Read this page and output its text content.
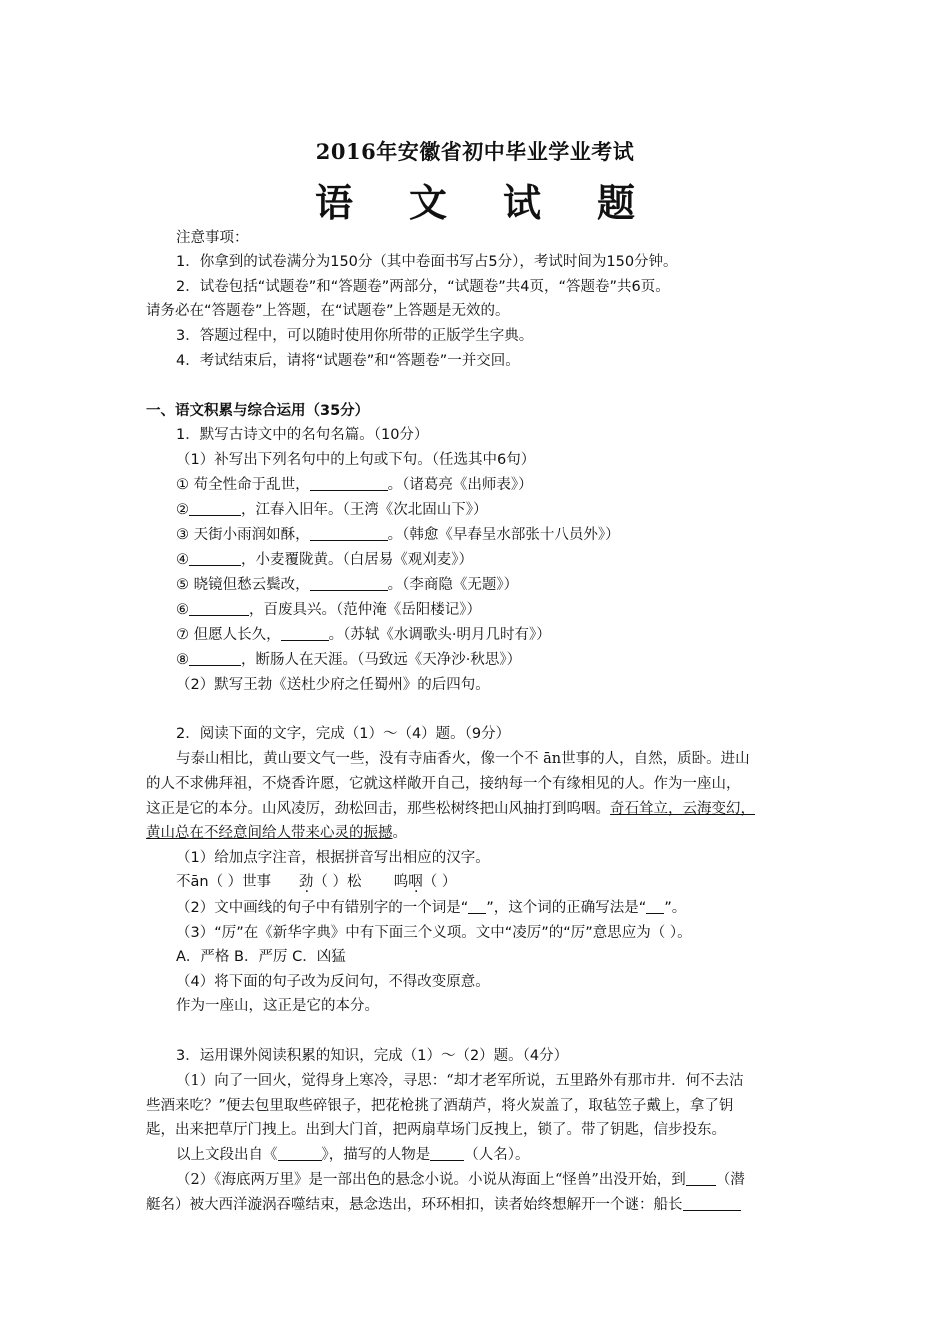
2016年安徽省初中毕业学业考试
语 文 试 题
注意事项：
1．你拿到的试卷满分为150分（其中卷面书写占5分），考试时间为150分钟。
2．试卷包括“试题卷”和“答题卷”两部分，“试题卷”共4页，“答题卷”共6页。
请务必在“答题卷”上答题，在“试题卷”上答题是无效的。
3．答题过程中，可以随时使用你所带的正版学生字典。
4．考试结束后，请将“试题卷”和“答题卷”一并交回。
一、语文积累与综合运用（35分）
1．默写古诗文中的名句名篇。（10分）
（1）补写出下列名句中的上句或下句。（任选其中6句）
① 苟全性命于乱世，	。（诸葛亮《出师表》）
②	，江春入旧年。（王湾《次北固山下》）
③ 天街小雨润如酥，	。（韩愈《早春呈水部张十八员外》）
④	，小麦覆陇黄。（白居易《观刈麦》）
⑤ 晓镜但愁云鬓改，	。（李商隐《无题》）
⑥	，百废具兴。（范仲淹《岳阳楼记》）
⑦ 但愿人长久，	。（苏轼《水调歌头·明月几时有》）
⑧	，断肠人在天涯。（马致远《天净沙·秋思》）
（2）默写王勃《送杜少府之任蜀州》的后四句。
2．阅读下面的文字，完成（1）～（4）题。（9分）
与泰山相比，黄山要文气一些，没有寺庙香火，像一个不 ān世事的人，自然，质卧。进山
的人不求佛拜祖，不烧香许愿，它就这样敞开自己，接纳每一个有缘相见的人。作为一座山，
这正是它的本分。山风凌厉，劲松回击，那些松树终把山风抽打到呜咽。奇石耸立，云海变幻，
黄山总在不经意间给人带来心灵的振撼。
（1）给加点字注音，根据拼音写出相应的汉字。
不ān（ ）世事 劲（ ）松 呜咽（ ）
（2）文中画线的句子中有错别字的一个词是“ ”，这个词的正确写法是“ ”。
（3）“厉”在《新华字典》中有下面三个义项。文中“凌厉”的“厉”意思应为（ ）。
A．严格 B．严厉 C．凶猛
（4）将下面的句子改为反问句，不得改变原意。
作为一座山，这正是它的本分。
3．运用课外阅读积累的知识，完成（1）～（2）题。（4分）
（1）向了一回火，觉得身上寒冷，寻思：“却才老军所说，五里路外有那市井．何不去沽
些酒来吃？”便去包里取些碎银子，把花枪挑了酒葫芦，将火炭盖了，取毡笠子戴上，拿了钥
匙，出来把草厅门拽上。出到大门首，把两扇草场门反拽上，锁了。带了钥匙，信步投东。
以上文段出自《	》，描写的人物是 （人名）。
（2）《海底两万里》是一部出色的悬念小说。小说从海面上“怪兽”出没开始，到 （潜
艇名）被大西洋漩涡吞噬结束，悬念迭出，环环相扣，读者始终想解开一个谜：船长
